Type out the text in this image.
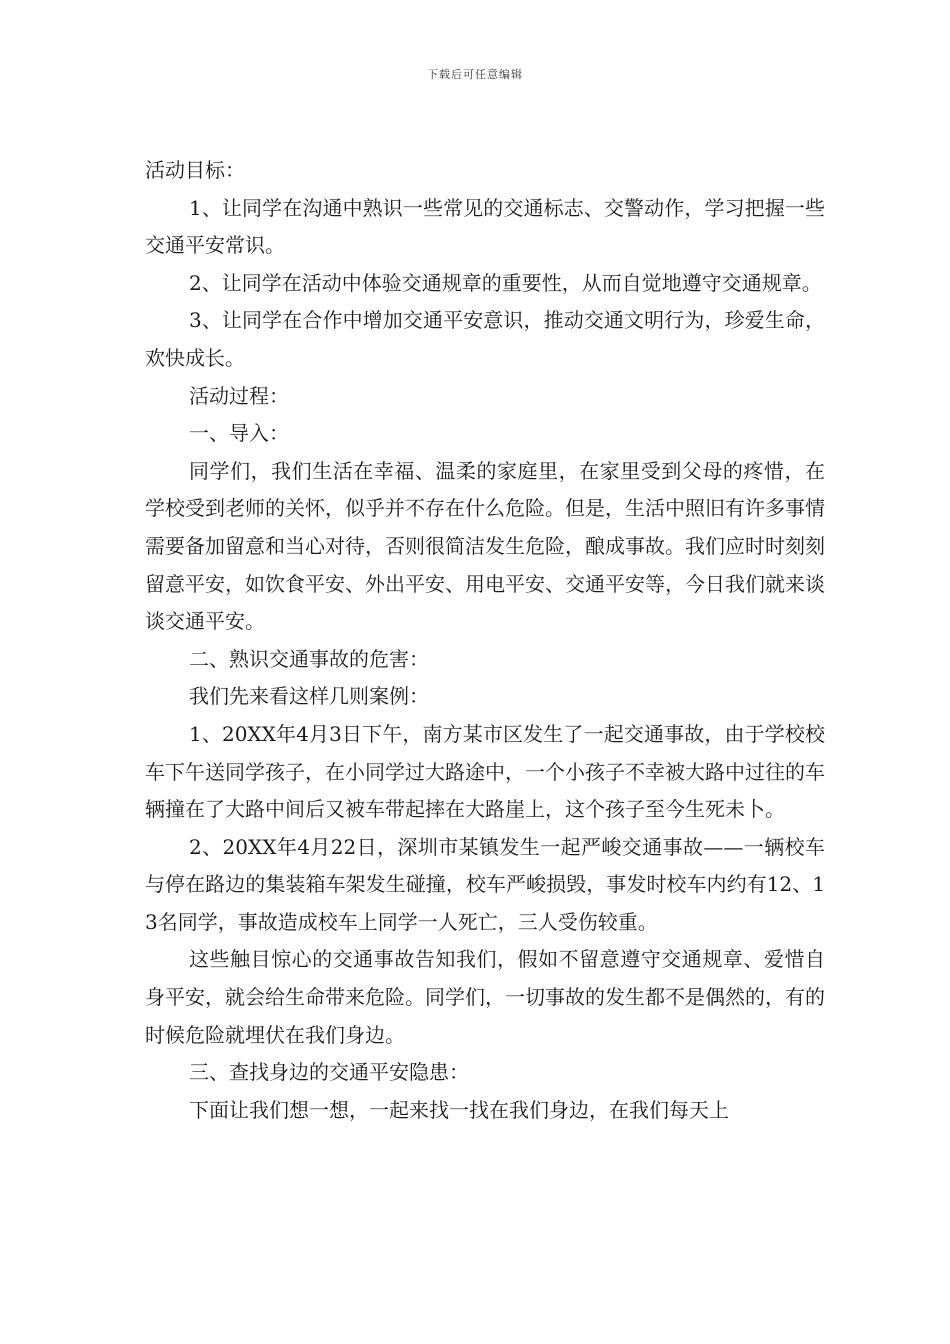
下载后可任意编辑

活动目标：

1、让同学在沟通中熟识一些常见的交通标志、交警动作，学习把握一些交通平安常识。

2、让同学在活动中体验交通规章的重要性，从而自觉地遵守交通规章。

3、让同学在合作中增加交通平安意识，推动交通文明行为，珍爱生命，欢快成长。

活动过程：

一、导入：

同学们，我们生活在幸福、温柔的家庭里，在家里受到父母的疼惜，在学校受到老师的关怀，似乎并不存在什么危险。但是，生活中照旧有许多事情需要备加留意和当心对待，否则很简洁发生危险，酿成事故。我们应时时刻刻留意平安，如饮食平安、外出平安、用电平安、交通平安等，今日我们就来谈谈交通平安。

二、熟识交通事故的危害：

我们先来看这样几则案例：

1、20XX年4月3日下午，南方某市区发生了一起交通事故，由于学校校车下午送同学孩子，在小同学过大路途中，一个小孩子不幸被大路中过往的车辆撞在了大路中间后又被车带起摔在大路崖上，这个孩子至今生死未卜。

2、20XX年4月22日，深圳市某镇发生一起严峻交通事故——一辆校车与停在路边的集装箱车架发生碰撞，校车严峻损毁，事发时校车内约有12、13名同学，事故造成校车上同学一人死亡，三人受伤较重。

这些触目惊心的交通事故告知我们，假如不留意遵守交通规章、爱惜自身平安，就会给生命带来危险。同学们，一切事故的发生都不是偶然的，有的时候危险就埋伏在我们身边。

三、查找身边的交通平安隐患：

下面让我们想一想，一起来找一找在我们身边，在我们每天上
